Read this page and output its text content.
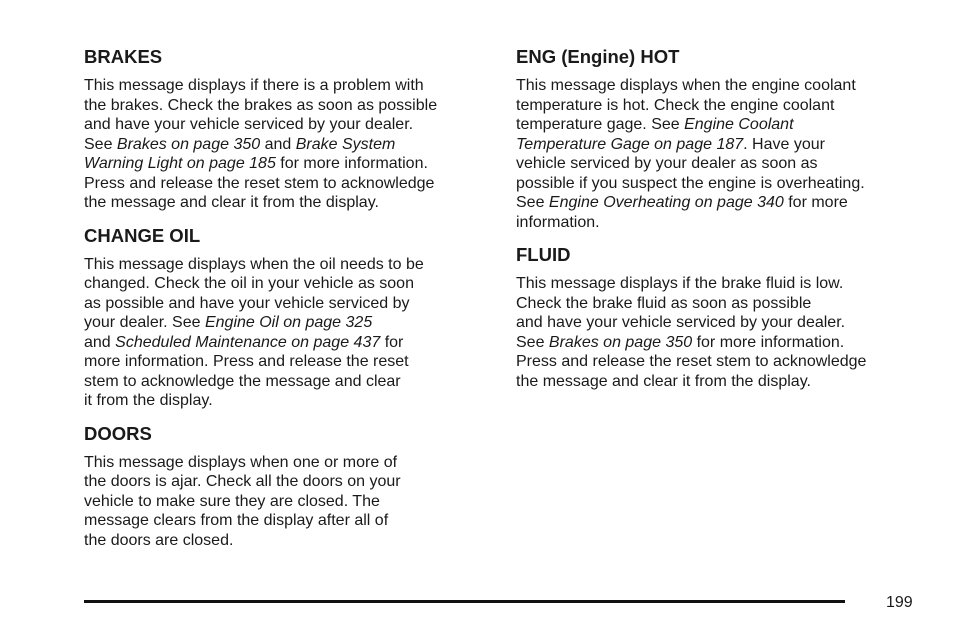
BRAKES

This message displays if there is a problem with
the brakes. Check the brakes as soon as possible
and have your vehicle serviced by your dealer.
See Brakes on page 350 and Brake System
Warning Light on page 185 for more information.
Press and release the reset stem to acknowledge
the message and clear it from the display.

CHANGE OIL

This message displays when the oil needs to be
changed. Check the oil in your vehicle as soon
as possible and have your vehicle serviced by
your dealer. See Engine Oil on page 325
and Scheduled Maintenance on page 437 for
more information. Press and release the reset
stem to acknowledge the message and clear
it from the display.

DOORS

This message displays when one or more of
the doors is ajar. Check all the doors on your
vehicle to make sure they are closed. The
message clears from the display after all of
the doors are closed.

ENG (Engine) HOT

This message displays when the engine coolant
temperature is hot. Check the engine coolant
temperature gage. See Engine Coolant
Temperature Gage on page 187. Have your
vehicle serviced by your dealer as soon as
possible if you suspect the engine is overheating.
See Engine Overheating on page 340 for more
information.

FLUID

This message displays if the brake fluid is low.
Check the brake fluid as soon as possible
and have your vehicle serviced by your dealer.
See Brakes on page 350 for more information.
Press and release the reset stem to acknowledge
the message and clear it from the display.

199
